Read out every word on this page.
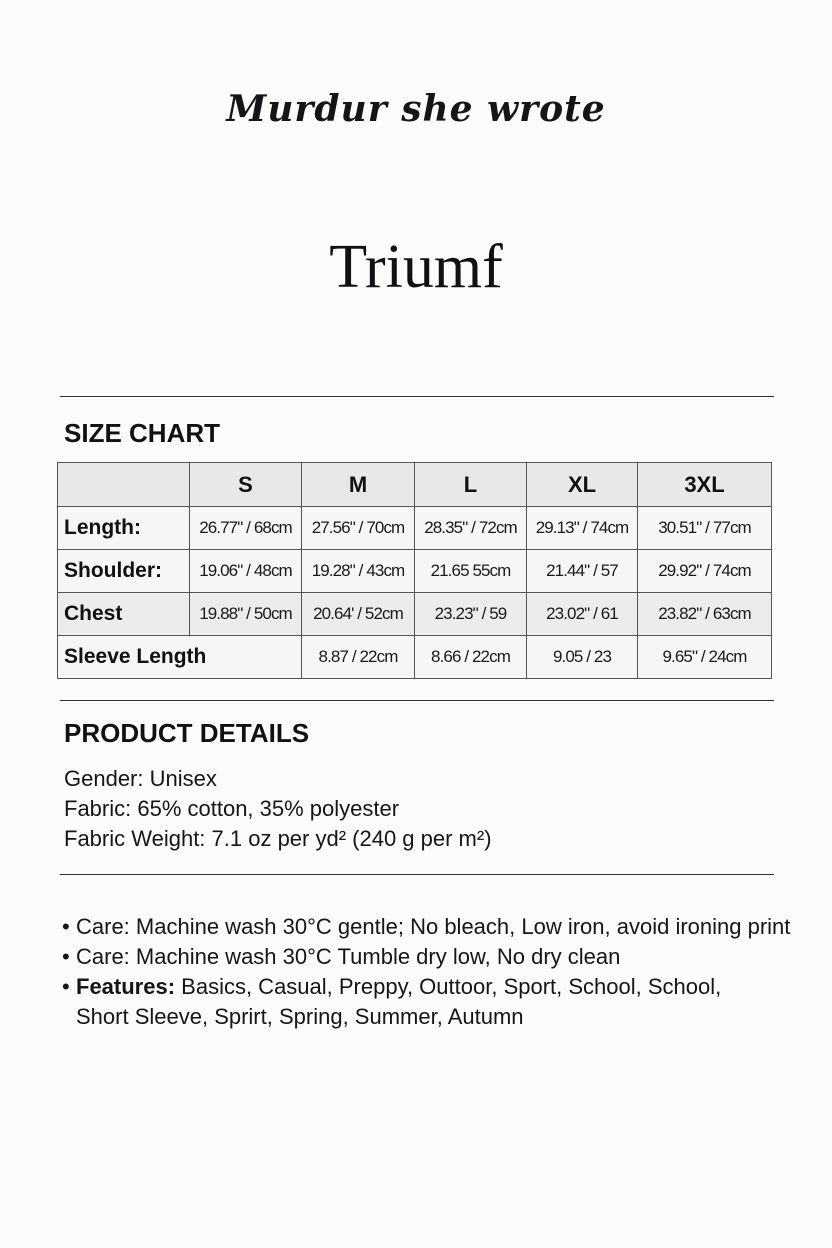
Murdur she wrote
Triumf
SIZE CHART
	S	M	L	XL	3XL
Length:	26.77" / 68cm	27.56" / 70cm	28.35" / 72cm	29.13" / 74cm	30.51" / 77cm
Shoulder:	19.06" / 48cm	19.28" / 43cm	21.65 55cm	21.44" / 57	29.92" / 74cm
Chest	19.88" / 50cm	20.64' / 52cm	23.23" / 59	23.02" / 61	23.82" / 63cm
Sleeve Length		8.87 / 22cm	8.66 / 22cm	9.05 / 23	9.65" / 24cm
PRODUCT DETAILS
Gender: Unisex
Fabric: 65% cotton, 35% polyester
Fabric Weight: 7.1 oz per yd² (240 g per m²)
• Care: Machine wash 30°C gentle; No bleach, Low iron, avoid ironing print
• Care: Machine wash 30°C Tumble dry low, No dry clean
• Features: Basics, Casual, Preppy, Outtoor, Sport, School, School,
Short Sleeve, Sprirt, Spring, Summer, Autumn
